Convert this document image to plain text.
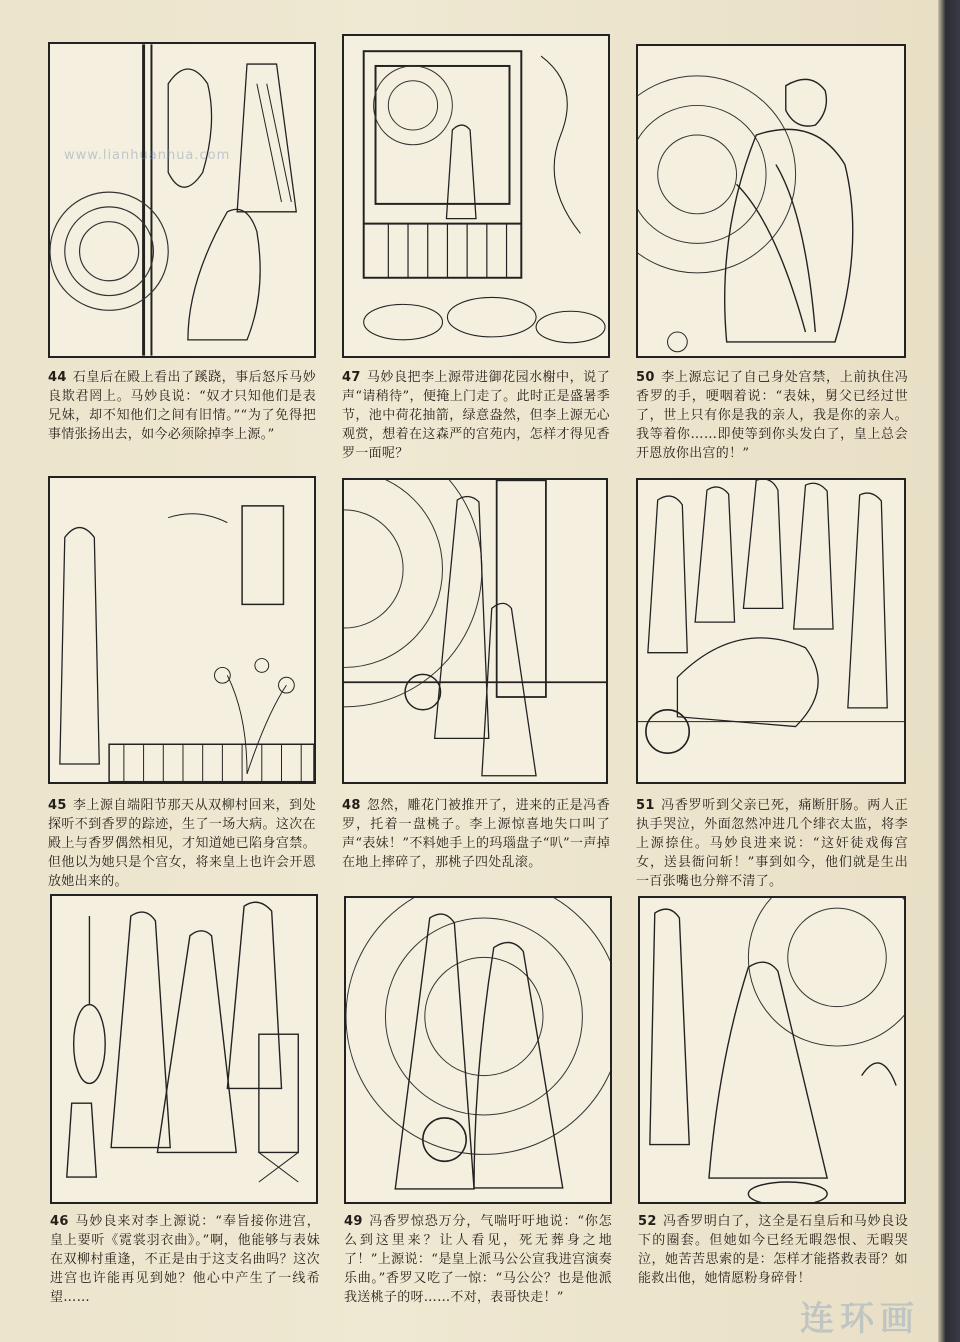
44 石皇后在殿上看出了蹊跷，事后怒斥马妙良欺君罔上。马妙良说：“奴才只知他们是表兄妹，却不知他们之间有旧情。”“为了免得把事情张扬出去，如今必须除掉李上源。”
47 马妙良把李上源带进御花园水榭中，说了声“请稍待”，便掩上门走了。此时正是盛暑季节，池中荷花抽箭，绿意盎然，但李上源无心观赏，想着在这森严的宫苑内，怎样才得见香罗一面呢？
50 李上源忘记了自己身处宫禁，上前执住冯香罗的手，哽咽着说：“表妹，舅父已经过世了，世上只有你是我的亲人，我是你的亲人。我等着你……即使等到你头发白了，皇上总会开恩放你出宫的！”
45 李上源自端阳节那天从双柳村回来，到处探听不到香罗的踪迹，生了一场大病。这次在殿上与香罗偶然相见，才知道她已陷身宫禁。但他以为她只是个宫女，将来皇上也许会开恩放她出来的。
48 忽然，雕花门被推开了，进来的正是冯香罗，托着一盘桃子。李上源惊喜地失口叫了声“表妹！”不料她手上的玛瑙盘子“叭”一声掉在地上摔碎了，那桃子四处乱滚。
51 冯香罗听到父亲已死，痛断肝肠。两人正执手哭泣，外面忽然冲进几个绯衣太监，将李上源捺住。马妙良进来说：“这奸徒戏侮宫女，送县衙问斩！”事到如今，他们就是生出一百张嘴也分辩不清了。
46 马妙良来对李上源说：“奉旨接你进宫，皇上要听《霓裳羽衣曲》。”啊，他能够与表妹在双柳村重逢，不正是由于这支名曲吗？这次进宫也许能再见到她？他心中产生了一线希望……
49 冯香罗惊恐万分，气喘吁吁地说：“你怎么到这里来？让人看见，死无葬身之地了！”上源说：“是皇上派马公公宣我进宫演奏乐曲。”香罗又吃了一惊：“马公公？也是他派我送桃子的呀……不对，表哥快走！”
52 冯香罗明白了，这全是石皇后和马妙良设下的圈套。但她如今已经无暇怨恨、无暇哭泣，她苦苦思索的是：怎样才能搭救表哥？如能救出他，她情愿粉身碎骨！
www.lianhuanhua.com
连环画
